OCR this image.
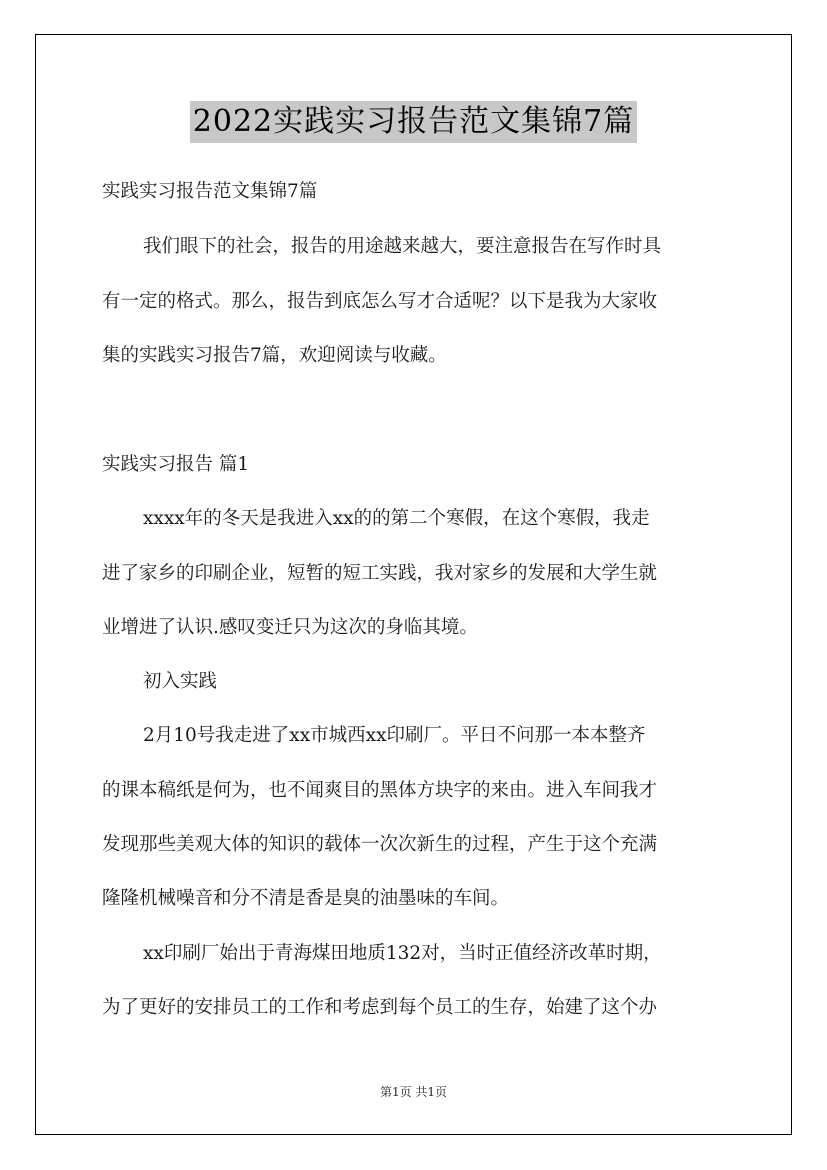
2022实践实习报告范文集锦7篇
实践实习报告范文集锦7篇
我们眼下的社会，报告的用途越来越大，要注意报告在写作时具
有一定的格式。那么，报告到底怎么写才合适呢？以下是我为大家收
集的实践实习报告7篇，欢迎阅读与收藏。
实践实习报告 篇1
xxxx年的冬天是我进入xx的的第二个寒假，在这个寒假，我走
进了家乡的印刷企业，短暂的短工实践，我对家乡的发展和大学生就
业增进了认识.感叹变迁只为这次的身临其境。
初入实践
2月10号我走进了xx市城西xx印刷厂。平日不问那一本本整齐
的课本稿纸是何为，也不闻爽目的黑体方块字的来由。进入车间我才
发现那些美观大体的知识的载体一次次新生的过程，产生于这个充满
隆隆机械噪音和分不清是香是臭的油墨味的车间。
xx印刷厂始出于青海煤田地质132对，当时正值经济改革时期，
为了更好的安排员工的工作和考虑到每个员工的生存，始建了这个办
第1页 共1页
